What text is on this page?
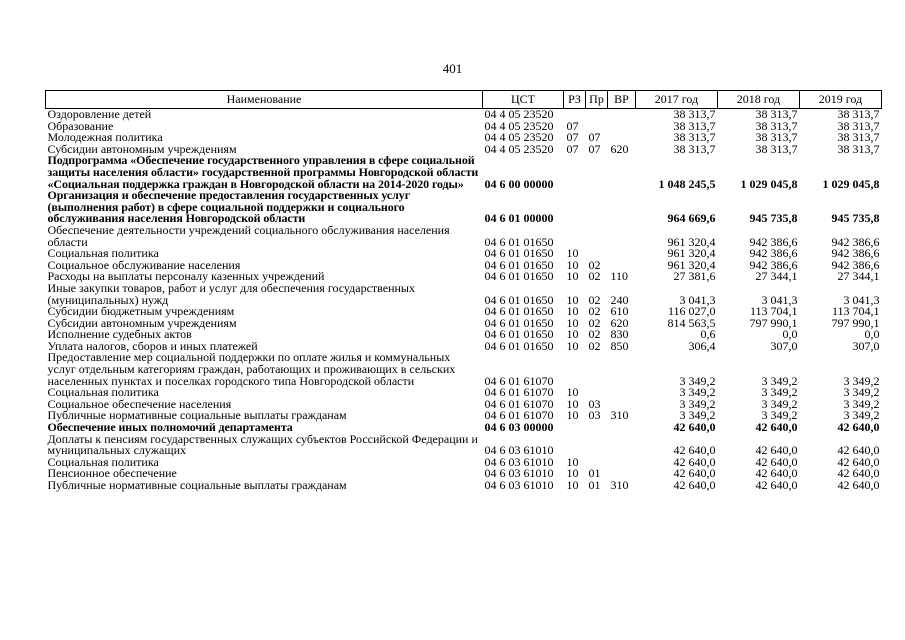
401
Наименование	ЦСТ	РЗ	Пр	ВР	2017 год	2018 год	2019 год
Оздоровление детей	04 4 05 23520				38 313,7	38 313,7	38 313,7
Образование	04 4 05 23520	07			38 313,7	38 313,7	38 313,7
Молодежная политика	04 4 05 23520	07	07		38 313,7	38 313,7	38 313,7
Субсидии автономным учреждениям	04 4 05 23520	07	07	620	38 313,7	38 313,7	38 313,7
Подпрограмма «Обеспечение государственного управления в сфере социальной защиты населения области» государственной программы Новгородской области «Социальная поддержка граждан в Новгородской области на 2014-2020 годы»	04 6 00 00000				1 048 245,5	1 029 045,8	1 029 045,8
Организация и обеспечение предоставления государственных услуг (выполнения работ) в сфере социальной поддержки и социального обслуживания населения Новгородской области	04 6 01 00000				964 669,6	945 735,8	945 735,8
Обеспечение деятельности учреждений социального обслуживания населения области	04 6 01 01650				961 320,4	942 386,6	942 386,6
Социальная политика	04 6 01 01650	10			961 320,4	942 386,6	942 386,6
Социальное обслуживание населения	04 6 01 01650	10	02		961 320,4	942 386,6	942 386,6
Расходы на выплаты персоналу казенных учреждений	04 6 01 01650	10	02	110	27 381,6	27 344,1	27 344,1
Иные закупки товаров, работ и услуг для обеспечения государственных (муниципальных) нужд	04 6 01 01650	10	02	240	3 041,3	3 041,3	3 041,3
Субсидии бюджетным учреждениям	04 6 01 01650	10	02	610	116 027,0	113 704,1	113 704,1
Субсидии автономным учреждениям	04 6 01 01650	10	02	620	814 563,5	797 990,1	797 990,1
Исполнение судебных актов	04 6 01 01650	10	02	830	0,6	0,0	0,0
Уплата налогов, сборов и иных платежей	04 6 01 01650	10	02	850	306,4	307,0	307,0
Предоставление мер социальной поддержки по оплате жилья и коммунальных услуг отдельным категориям граждан, работающих и проживающих в сельских населенных пунктах и поселках городского типа Новгородской области	04 6 01 61070				3 349,2	3 349,2	3 349,2
Социальная политика	04 6 01 61070	10			3 349,2	3 349,2	3 349,2
Социальное обеспечение населения	04 6 01 61070	10	03		3 349,2	3 349,2	3 349,2
Публичные нормативные социальные выплаты гражданам	04 6 01 61070	10	03	310	3 349,2	3 349,2	3 349,2
Обеспечение иных полномочий департамента	04 6 03 00000				42 640,0	42 640,0	42 640,0
Доплаты к пенсиям государственных служащих субъектов Российской Федерации и муниципальных служащих	04 6 03 61010				42 640,0	42 640,0	42 640,0
Социальная политика	04 6 03 61010	10			42 640,0	42 640,0	42 640,0
Пенсионное обеспечение	04 6 03 61010	10	01		42 640,0	42 640,0	42 640,0
Публичные нормативные социальные выплаты гражданам	04 6 03 61010	10	01	310	42 640,0	42 640,0	42 640,0
